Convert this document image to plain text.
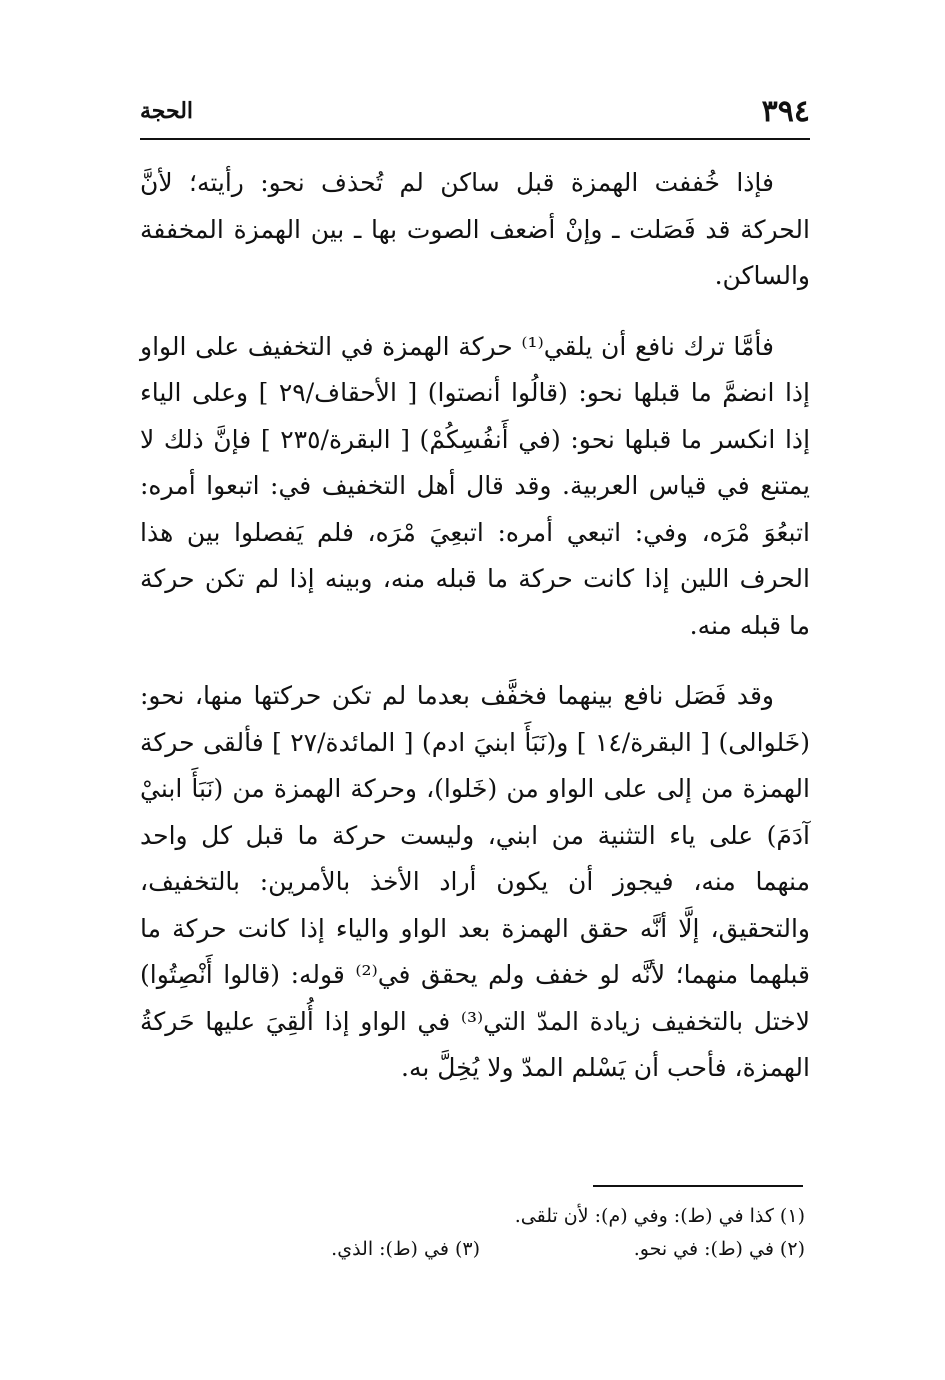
٣٩٤
الحجة

فإذا خُففت الهمزة قبل ساكن لم تُحذف نحو: رأيته؛ لأنَّ الحركة قد فَصَلت ـ وإنْ أضعف الصوت بها ـ بين الهمزة المخففة والساكن.

فأمَّا ترك نافع أن يلقي⁽¹⁾ حركة الهمزة في التخفيف على الواو إذا انضمَّ ما قبلها نحو: (قالُوا أنصتوا) [ الأحقاف/٢٩ ] وعلى الياء إذا انكسر ما قبلها نحو: (في أَنفُسِكُمْ) [ البقرة/٢٣٥ ] فإنَّ ذلك لا يمتنع في قياس العربية. وقد قال أهل التخفيف في: اتبعوا أمره: اتبعُوَ مْرَه، وفي: اتبعي أمره: اتبعِيَ مْرَه، فلم يَفصلوا بين هذا الحرف اللين إذا كانت حركة ما قبله منه، وبينه إذا لم تكن حركة ما قبله منه.

وقد فَصَل نافع بينهما فخفَّف بعدما لم تكن حركتها منها، نحو: (خَلوالى) [ البقرة/١٤ ] و(نَبَأَ ابنيَ ادم) [ المائدة/٢٧ ] فألقى حركة الهمزة من إلى على الواو من (خَلوا)، وحركة الهمزة من (نَبَأَ ابنيْ آدَمَ) على ياء التثنية من ابني، وليست حركة ما قبل كل واحد منهما منه، فيجوز أن يكون أراد الأخذ بالأمرين: بالتخفيف، والتحقيق، إلَّا أنَّه حقق الهمزة بعد الواو والياء إذا كانت حركة ما قبلهما منهما؛ لأنَّه لو خفف ولم يحقق في⁽²⁾ قوله: (قالوا أَنْصِتُوا) لاختل بالتخفيف زيادة المدّ التي⁽³⁾ في الواو إذا أُلقِيَ عليها حَركةُ الهمزة، فأحب أن يَسْلم المدّ ولا يُخِلَّ به.

(١) كذا في (ط): وفي (م): لأن تلقى.
(٢) في (ط): في نحو.
(٣) في (ط): الذي.
